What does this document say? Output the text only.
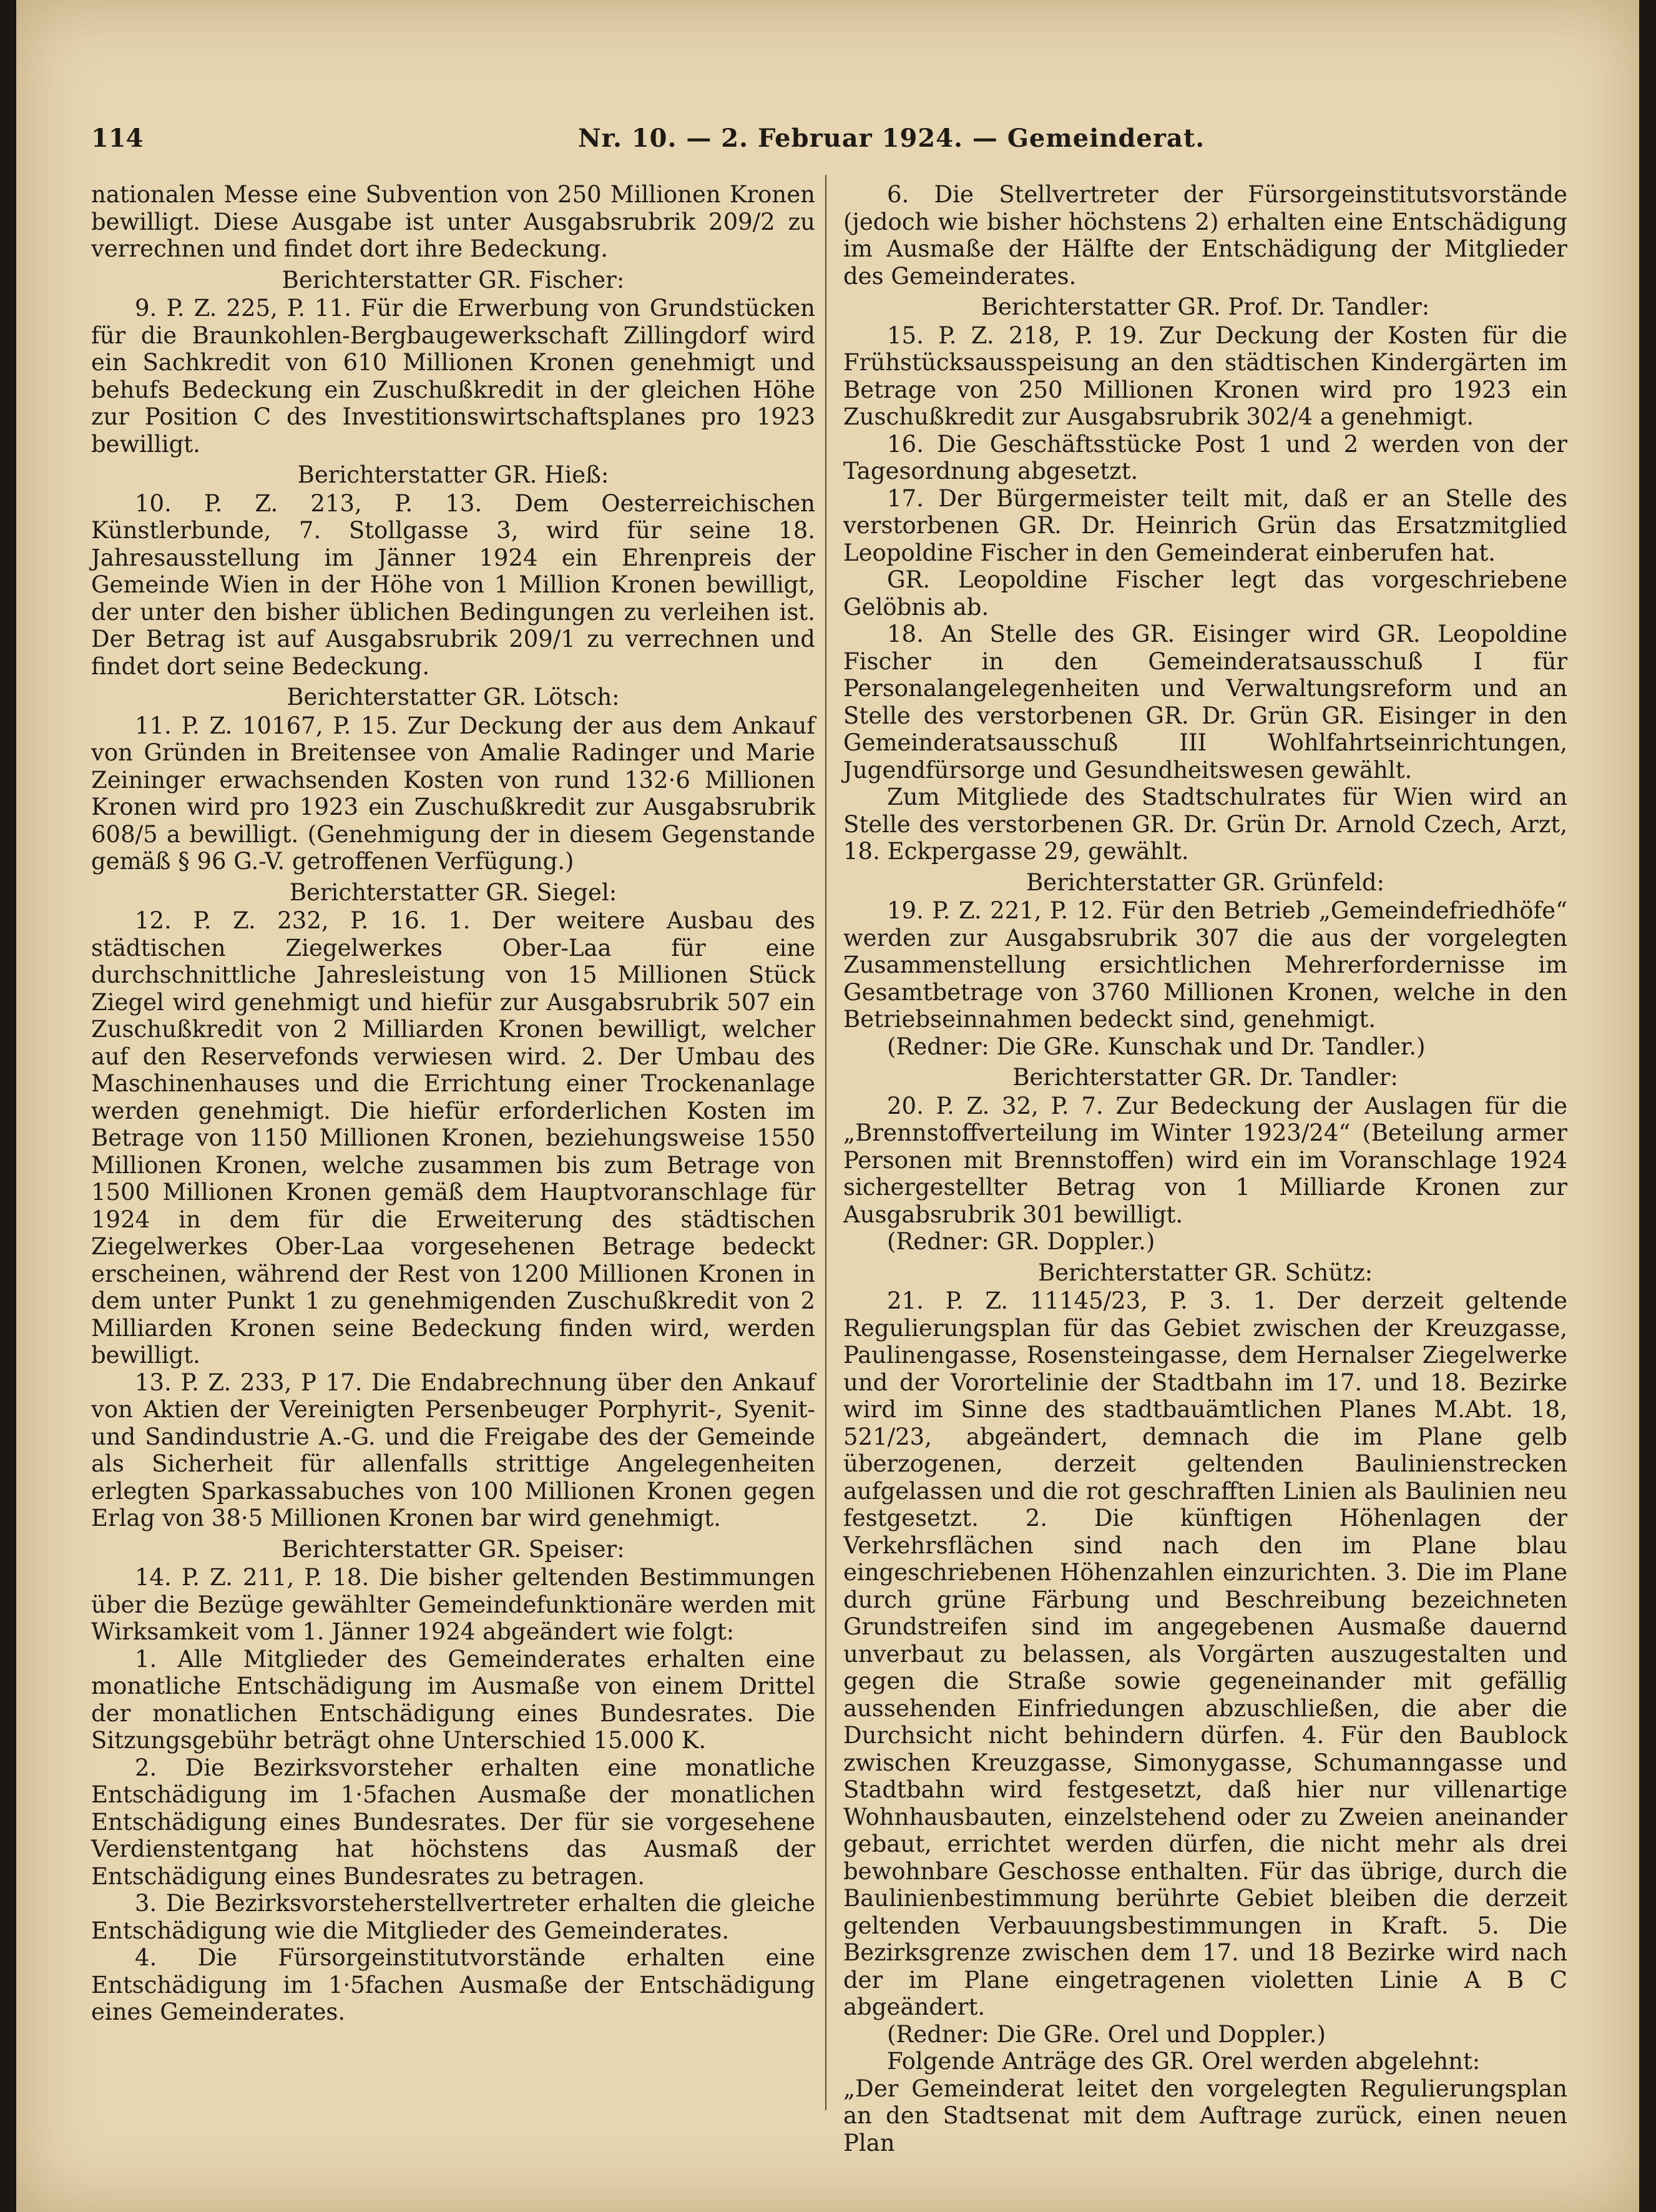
114	Nr. 10. — 2. Februar 1924. — Gemeinderat.

nationalen Messe eine Subvention von 250 Millionen Kronen bewilligt. Diese Ausgabe ist unter Ausgabsrubrik 209/2 zu verrechnen und findet dort ihre Bedeckung.

Berichterstatter GR. Fischer:

9. P. Z. 225, P. 11. Für die Erwerbung von Grundstücken für die Braunkohlen-Bergbaugewerkschaft Zillingdorf wird ein Sachkredit von 610 Millionen Kronen genehmigt und behufs Bedeckung ein Zuschußkredit in der gleichen Höhe zur Position C des Investitionswirtschaftsplanes pro 1923 bewilligt.

Berichterstatter GR. Hieß:

10. P. Z. 213, P. 13. Dem Oesterreichischen Künstlerbunde, 7. Stollgasse 3, wird für seine 18. Jahresausstellung im Jänner 1924 ein Ehrenpreis der Gemeinde Wien in der Höhe von 1 Million Kronen bewilligt, der unter den bisher üblichen Bedingungen zu verleihen ist. Der Betrag ist auf Ausgabsrubrik 209/1 zu verrechnen und findet dort seine Bedeckung.

Berichterstatter GR. Lötsch:

11. P. Z. 10167, P. 15. Zur Deckung der aus dem Ankauf von Gründen in Breitensee von Amalie Radinger und Marie Zeininger erwachsenden Kosten von rund 132·6 Millionen Kronen wird pro 1923 ein Zuschußkredit zur Ausgabsrubrik 608/5 a bewilligt. (Genehmigung der in diesem Gegenstande gemäß § 96 G.-V. getroffenen Verfügung.)

Berichterstatter GR. Siegel:

12. P. Z. 232, P. 16. 1. Der weitere Ausbau des städtischen Ziegelwerkes Ober-Laa für eine durchschnittliche Jahresleistung von 15 Millionen Stück Ziegel wird genehmigt und hiefür zur Ausgabsrubrik 507 ein Zuschußkredit von 2 Milliarden Kronen bewilligt, welcher auf den Reservefonds verwiesen wird. 2. Der Umbau des Maschinenhauses und die Errichtung einer Trockenanlage werden genehmigt. Die hiefür erforderlichen Kosten im Betrage von 1150 Millionen Kronen, beziehungsweise 1550 Millionen Kronen, welche zusammen bis zum Betrage von 1500 Millionen Kronen gemäß dem Hauptvoranschlage für 1924 in dem für die Erweiterung des städtischen Ziegelwerkes Ober-Laa vorgesehenen Betrage bedeckt erscheinen, während der Rest von 1200 Millionen Kronen in dem unter Punkt 1 zu genehmigenden Zuschußkredit von 2 Milliarden Kronen seine Bedeckung finden wird, werden bewilligt.

13. P. Z. 233, P 17. Die Endabrechnung über den Ankauf von Aktien der Vereinigten Persenbeuger Porphyrit-, Syenit- und Sandindustrie A.-G. und die Freigabe des der Gemeinde als Sicherheit für allenfalls strittige Angelegenheiten erlegten Sparkassabuches von 100 Millionen Kronen gegen Erlag von 38·5 Millionen Kronen bar wird genehmigt.

Berichterstatter GR. Speiser:

14. P. Z. 211, P. 18. Die bisher geltenden Bestimmungen über die Bezüge gewählter Gemeindefunktionäre werden mit Wirksamkeit vom 1. Jänner 1924 abgeändert wie folgt:

1. Alle Mitglieder des Gemeinderates erhalten eine monatliche Entschädigung im Ausmaße von einem Drittel der monatlichen Entschädigung eines Bundesrates. Die Sitzungsgebühr beträgt ohne Unterschied 15.000 K.

2. Die Bezirksvorsteher erhalten eine monatliche Entschädigung im 1·5fachen Ausmaße der monatlichen Entschädigung eines Bundesrates. Der für sie vorgesehene Verdienstentgang hat höchstens das Ausmaß der Entschädigung eines Bundesrates zu betragen.

3. Die Bezirksvorsteherstellvertreter erhalten die gleiche Entschädigung wie die Mitglieder des Gemeinderates.

4. Die Fürsorgeinstitutvorstände erhalten eine Entschädigung im 1·5fachen Ausmaße der Entschädigung eines Gemeinderates.

6. Die Stellvertreter der Fürsorgeinstitutsvorstände (jedoch wie bisher höchstens 2) erhalten eine Entschädigung im Ausmaße der Hälfte der Entschädigung der Mitglieder des Gemeinderates.

Berichterstatter GR. Prof. Dr. Tandler:

15. P. Z. 218, P. 19. Zur Deckung der Kosten für die Frühstücksausspeisung an den städtischen Kindergärten im Betrage von 250 Millionen Kronen wird pro 1923 ein Zuschußkredit zur Ausgabsrubrik 302/4 a genehmigt.

16. Die Geschäftsstücke Post 1 und 2 werden von der Tagesordnung abgesetzt.

17. Der Bürgermeister teilt mit, daß er an Stelle des verstorbenen GR. Dr. Heinrich Grün das Ersatzmitglied Leopoldine Fischer in den Gemeinderat einberufen hat.

GR. Leopoldine Fischer legt das vorgeschriebene Gelöbnis ab.

18. An Stelle des GR. Eisinger wird GR. Leopoldine Fischer in den Gemeinderatsausschuß I für Personalangelegenheiten und Verwaltungsreform und an Stelle des verstorbenen GR. Dr. Grün GR. Eisinger in den Gemeinderatsausschuß III Wohlfahrtseinrichtungen, Jugendfürsorge und Gesundheitswesen gewählt.

Zum Mitgliede des Stadtschulrates für Wien wird an Stelle des verstorbenen GR. Dr. Grün Dr. Arnold Czech, Arzt, 18. Eckpergasse 29, gewählt.

Berichterstatter GR. Grünfeld:

19. P. Z. 221, P. 12. Für den Betrieb „Gemeindefriedhöfe“ werden zur Ausgabsrubrik 307 die aus der vorgelegten Zusammenstellung ersichtlichen Mehrerfordernisse im Gesamtbetrage von 3760 Millionen Kronen, welche in den Betriebseinnahmen bedeckt sind, genehmigt.

(Redner: Die GRe. Kunschak und Dr. Tandler.)

Berichterstatter GR. Dr. Tandler:

20. P. Z. 32, P. 7. Zur Bedeckung der Auslagen für die „Brennstoffverteilung im Winter 1923/24“ (Beteilung armer Personen mit Brennstoffen) wird ein im Voranschlage 1924 sichergestellter Betrag von 1 Milliarde Kronen zur Ausgabsrubrik 301 bewilligt.

(Redner: GR. Doppler.)

Berichterstatter GR. Schütz:

21. P. Z. 11145/23, P. 3. 1. Der derzeit geltende Regulierungsplan für das Gebiet zwischen der Kreuzgasse, Paulinengasse, Rosensteingasse, dem Hernalser Ziegelwerke und der Vorortelinie der Stadtbahn im 17. und 18. Bezirke wird im Sinne des stadtbauämtlichen Planes M.Abt. 18, 521/23, abgeändert, demnach die im Plane gelb überzogenen, derzeit geltenden Baulinienstrecken aufgelassen und die rot geschrafften Linien als Baulinien neu festgesetzt. 2. Die künftigen Höhenlagen der Verkehrsflächen sind nach den im Plane blau eingeschriebenen Höhenzahlen einzurichten. 3. Die im Plane durch grüne Färbung und Beschreibung bezeichneten Grundstreifen sind im angegebenen Ausmaße dauernd unverbaut zu belassen, als Vorgärten auszugestalten und gegen die Straße sowie gegeneinander mit gefällig aussehenden Einfriedungen abzuschließen, die aber die Durchsicht nicht behindern dürfen. 4. Für den Baublock zwischen Kreuzgasse, Simonygasse, Schumanngasse und Stadtbahn wird festgesetzt, daß hier nur villenartige Wohnhausbauten, einzelstehend oder zu Zweien aneinander gebaut, errichtet werden dürfen, die nicht mehr als drei bewohnbare Geschosse enthalten. Für das übrige, durch die Baulinienbestimmung berührte Gebiet bleiben die derzeit geltenden Verbauungsbestimmungen in Kraft. 5. Die Bezirksgrenze zwischen dem 17. und 18 Bezirke wird nach der im Plane eingetragenen violetten Linie A B C abgeändert.

(Redner: Die GRe. Orel und Doppler.)

Folgende Anträge des GR. Orel werden abgelehnt:

„Der Gemeinderat leitet den vorgelegten Regulierungsplan an den Stadtsenat mit dem Auftrage zurück, einen neuen Plan
